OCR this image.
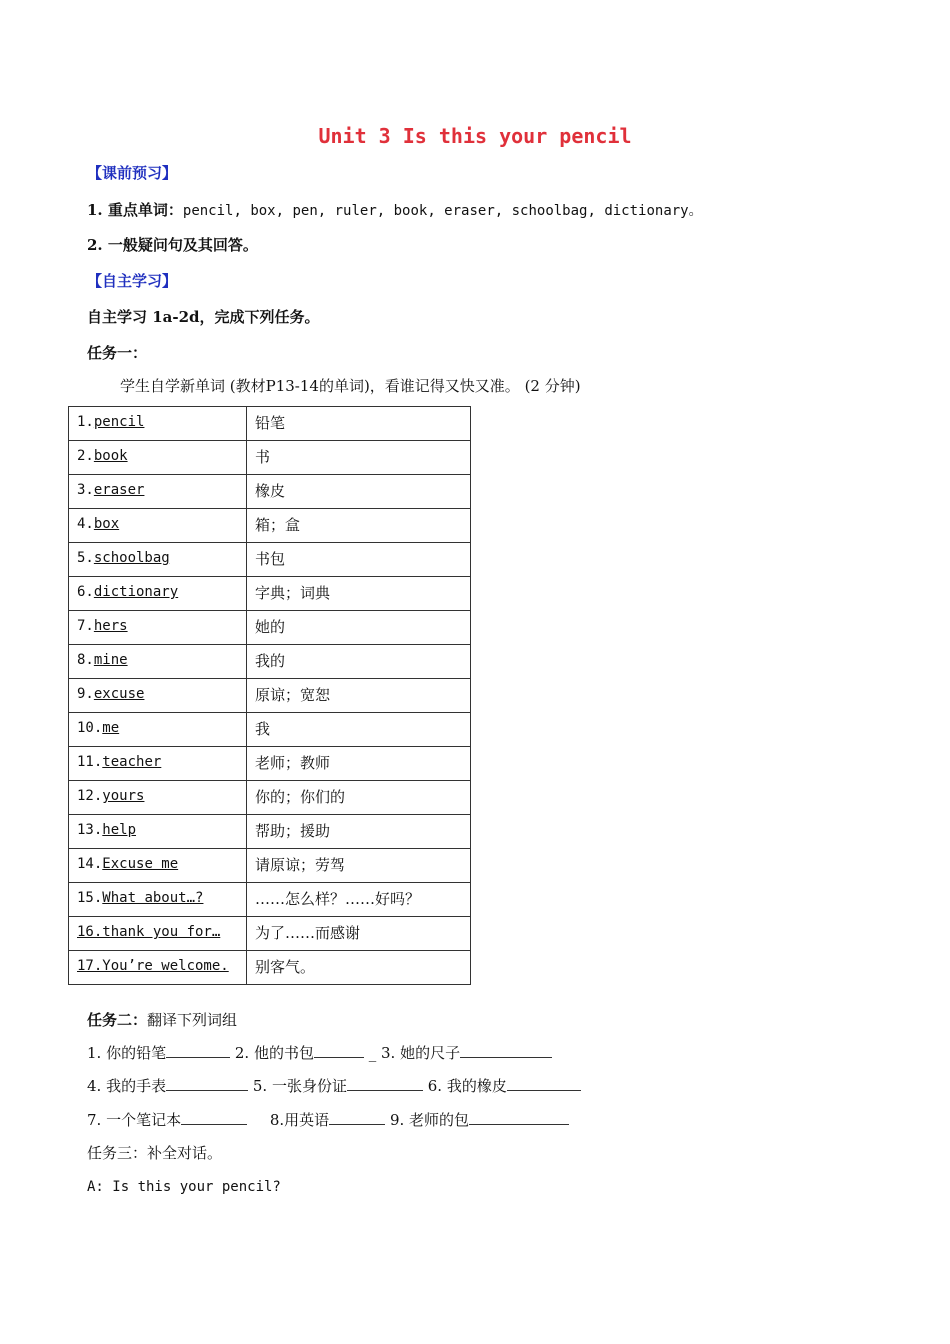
Unit 3 Is this your pencil
【课前预习】
1. 重点单词：pencil, box, pen, ruler, book, eraser, schoolbag, dictionary。
2. 一般疑问句及其回答。
【自主学习】
自主学习 1a-2d，完成下列任务。
任务一：
学生自学新单词 (教材P13-14的单词)，看谁记得又快又准。 (2 分钟)
1.pencil	铅笔
2.book	书
3.eraser	橡皮
4.box	箱；盒
5.schoolbag	书包
6.dictionary	字典；词典
7.hers	她的
8.mine	我的
9.excuse	原谅；宽恕
10.me	我
11.teacher	老师；教师
12.yours	你的；你们的
13.help	帮助；援助
14.Excuse me	请原谅；劳驾
15.What about…?	……怎么样？……好吗？
16.thank you for…	为了……而感谢
17.You’re welcome.	别客气。
任务二：翻译下列词组
1. 你的铅笔	2. 他的书包	_ 3. 她的尺子
4. 我的手表	5. 一张身份证	6. 我的橡皮
7. 一个笔记本	8.用英语	9. 老师的包
任务三：补全对话。
A: Is this your pencil?
